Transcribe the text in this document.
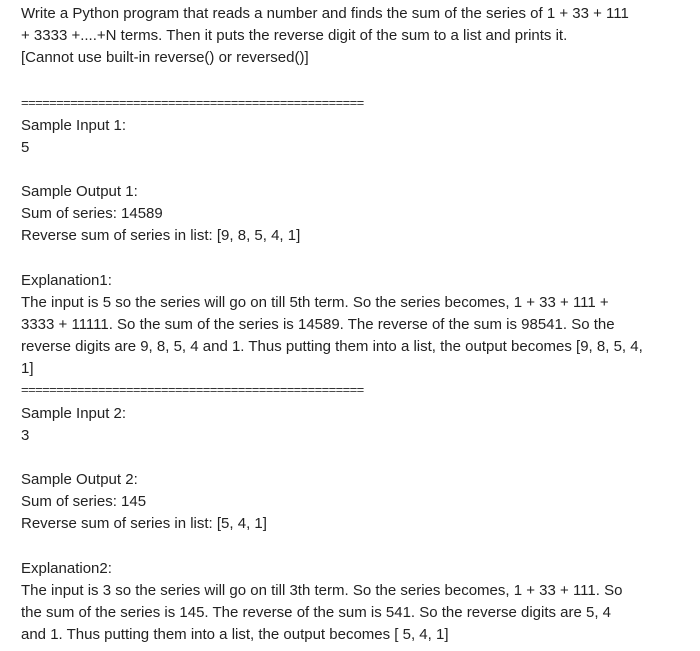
Write a Python program that reads a number and finds the sum of the series of 1 + 33 + 111
+ 3333 +....+N terms. Then it puts the reverse digit of the sum to a list and prints it.
[Cannot use built-in reverse() or reversed()]
=================================================
Sample Input 1:
5
Sample Output 1:
Sum of series: 14589
Reverse sum of series in list: [9, 8, 5, 4, 1]
Explanation1:
The input is 5 so the series will go on till 5th term. So the series becomes, 1 + 33 + 111 +
3333 + 11111. So the sum of the series is 14589. The reverse of the sum is 98541. So the
reverse digits are 9, 8, 5, 4 and 1. Thus putting them into a list, the output becomes [9, 8, 5, 4,
1]
=================================================
Sample Input 2:
3
Sample Output 2:
Sum of series: 145
Reverse sum of series in list: [5, 4, 1]
Explanation2:
The input is 3 so the series will go on till 3th term. So the series becomes, 1 + 33 + 111. So
the sum of the series is 145. The reverse of the sum is 541. So the reverse digits are 5, 4
and 1. Thus putting them into a list, the output becomes [ 5, 4, 1]
